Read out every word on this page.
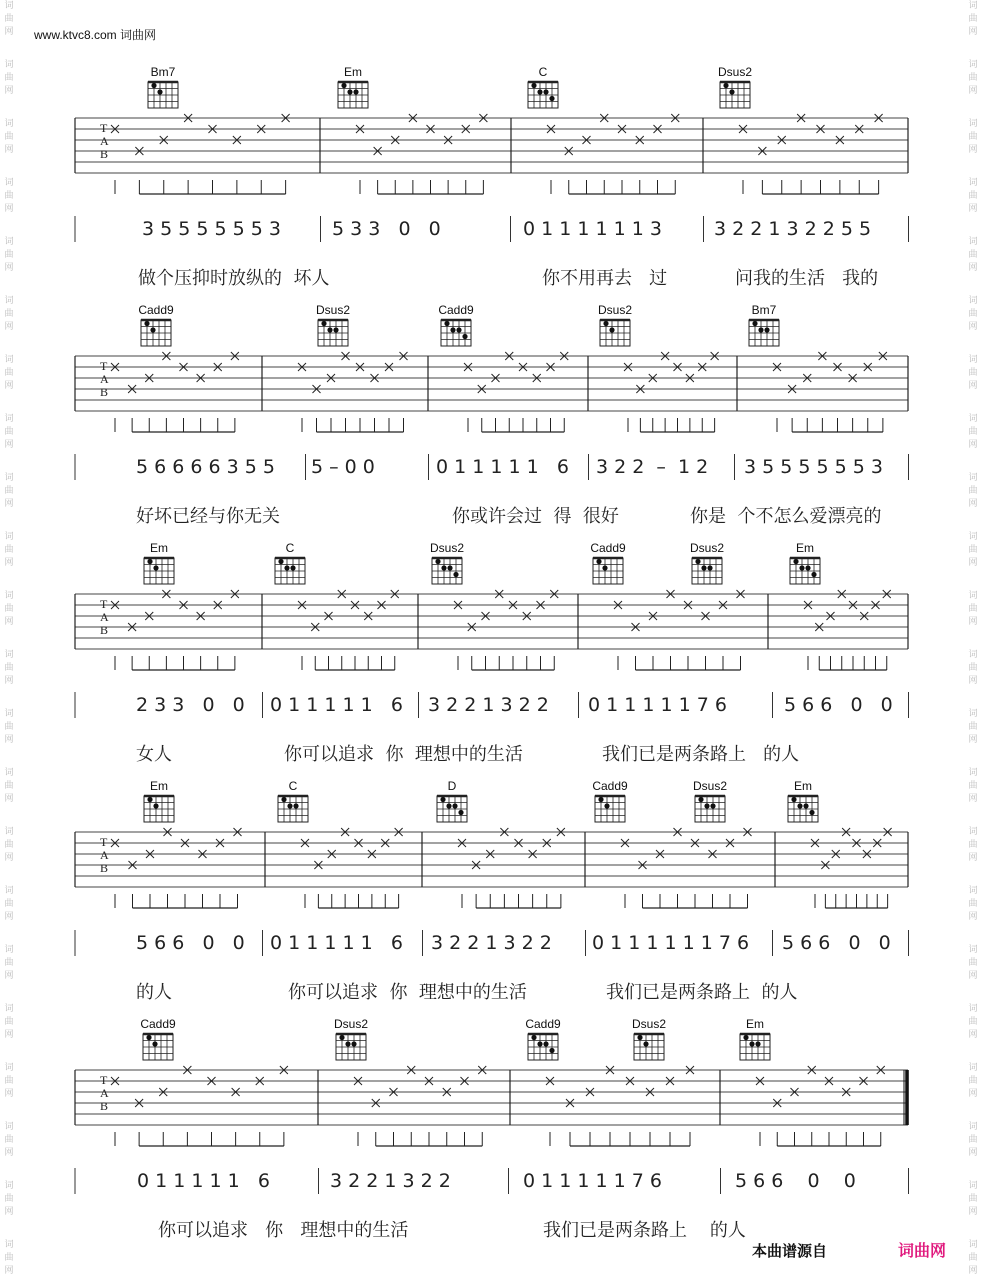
词
曲
网
词
曲
网
词
曲
网
词
曲
网
词
曲
网
词
曲
网
词
曲
网
词
曲
网
词
曲
网
词
曲
网
词
曲
网
词
曲
网
词
曲
网
词
曲
网
词
曲
网
词
曲
网
词
曲
网
词
曲
网
词
曲
网
词
曲
网
词
曲
网
词
曲
网
词
曲
网
词
曲
网
词
曲
网
词
曲
网
词
曲
网
词
曲
网
词
曲
网
词
曲
网
词
曲
网
词
曲
网
词
曲
网
词
曲
网
词
曲
网
词
曲
网
词
曲
网
词
曲
网
词
曲
网
词
曲
网
词
曲
网
词
曲
网
词
曲
网
词
曲
网
www.ktvc8.com 词曲网
T
A
B
T
A
B
T
A
B
T
A
B
T
A
B
Bm7	Em	C	Dsus2
3 5 5 5 5 5 5 3	5 3 3   0   0	0 1 1 1 1 1 1 3	3 2 2 1 3 2 2 5 5
做个压抑时放纵的  坏人	你不用再去   过	问我的生活   我的
Cadd9	Dsus2	Cadd9	Dsus2	Bm7
5 6 6 6 6 3 5 5 5 – 0 0	0 1 1 1 1 1   6 3 2 2  –  1 2 3 5 5 5 5 5 5 3
好坏已经与你无关	你或许会过  得  很好	你是  个不怎么爱漂亮的
Em	C	Dsus2	Cadd9	Dsus2	Em
2 3 3   0   0 0 1 1 1 1 1   6 3 2 2 1 3 2 2 0 1 1 1 1 1 7 6	5 6 6   0   0
女人	你可以追求  你  理想中的生活	我们已是两条路上   的人
Em	C	D	Cadd9	Dsus2	Em
5 6 6   0   0 0 1 1 1 1 1   6 3 2 2 1 3 2 2 0 1 1 1 1 1 1 7 6 5 6 6   0   0
的人	你可以追求  你  理想中的生活	我们已是两条路上  的人
Cadd9	Dsus2	Cadd9	Dsus2	Em
0 1 1 1 1 1   6	3 2 2 1 3 2 2	0 1 1 1 1 1 7 6	5 6 6    0    0
你可以追求   你   理想中的生活	我们已是两条路上    的人
本曲谱源自	词曲网
